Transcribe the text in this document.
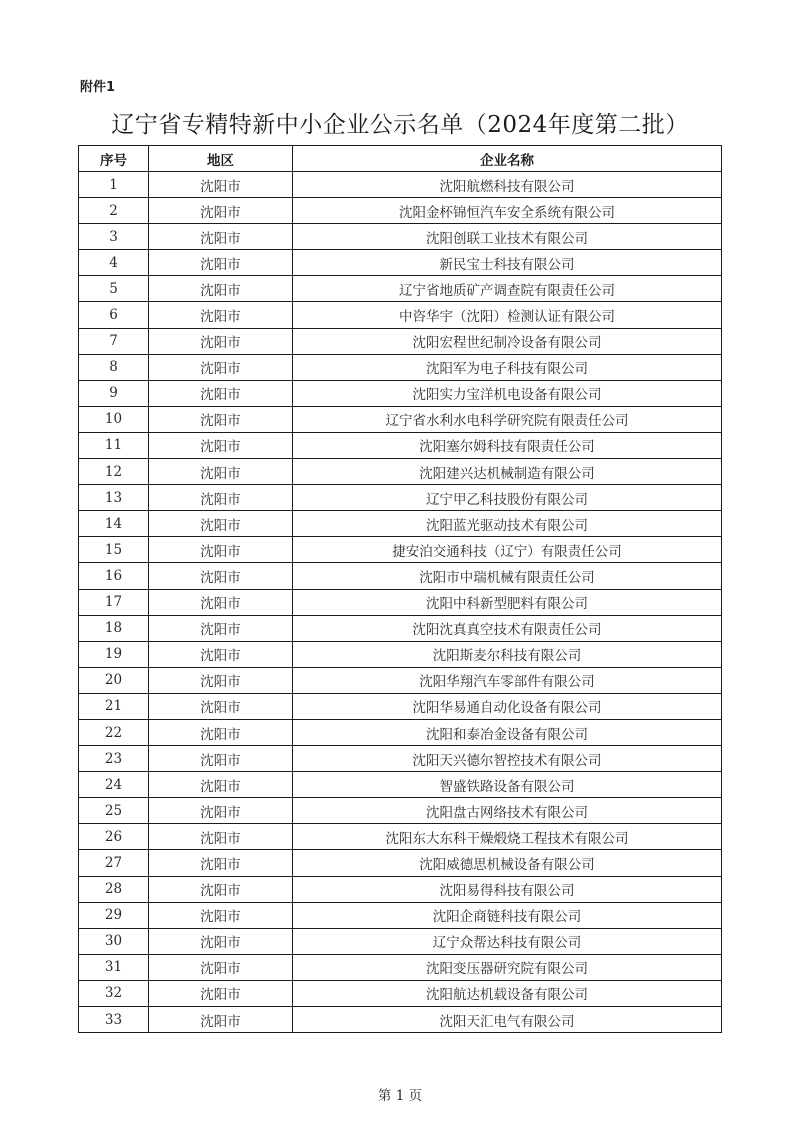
附件1
辽宁省专精特新中小企业公示名单（2024年度第二批）
序号	地区	企业名称
1	沈阳市	沈阳航燃科技有限公司
2	沈阳市	沈阳金杯锦恒汽车安全系统有限公司
3	沈阳市	沈阳创联工业技术有限公司
4	沈阳市	新民宝士科技有限公司
5	沈阳市	辽宁省地质矿产调查院有限责任公司
6	沈阳市	中咨华宇（沈阳）检测认证有限公司
7	沈阳市	沈阳宏程世纪制冷设备有限公司
8	沈阳市	沈阳军为电子科技有限公司
9	沈阳市	沈阳实力宝洋机电设备有限公司
10	沈阳市	辽宁省水利水电科学研究院有限责任公司
11	沈阳市	沈阳塞尔姆科技有限责任公司
12	沈阳市	沈阳建兴达机械制造有限公司
13	沈阳市	辽宁甲乙科技股份有限公司
14	沈阳市	沈阳蓝光驱动技术有限公司
15	沈阳市	捷安泊交通科技（辽宁）有限责任公司
16	沈阳市	沈阳市中瑞机械有限责任公司
17	沈阳市	沈阳中科新型肥料有限公司
18	沈阳市	沈阳沈真真空技术有限责任公司
19	沈阳市	沈阳斯麦尔科技有限公司
20	沈阳市	沈阳华翔汽车零部件有限公司
21	沈阳市	沈阳华易通自动化设备有限公司
22	沈阳市	沈阳和泰冶金设备有限公司
23	沈阳市	沈阳天兴德尔智控技术有限公司
24	沈阳市	智盛铁路设备有限公司
25	沈阳市	沈阳盘古网络技术有限公司
26	沈阳市	沈阳东大东科干燥煅烧工程技术有限公司
27	沈阳市	沈阳威德思机械设备有限公司
28	沈阳市	沈阳易得科技有限公司
29	沈阳市	沈阳企商链科技有限公司
30	沈阳市	辽宁众帮达科技有限公司
31	沈阳市	沈阳变压器研究院有限公司
32	沈阳市	沈阳航达机载设备有限公司
33	沈阳市	沈阳天汇电气有限公司
第 1 页
